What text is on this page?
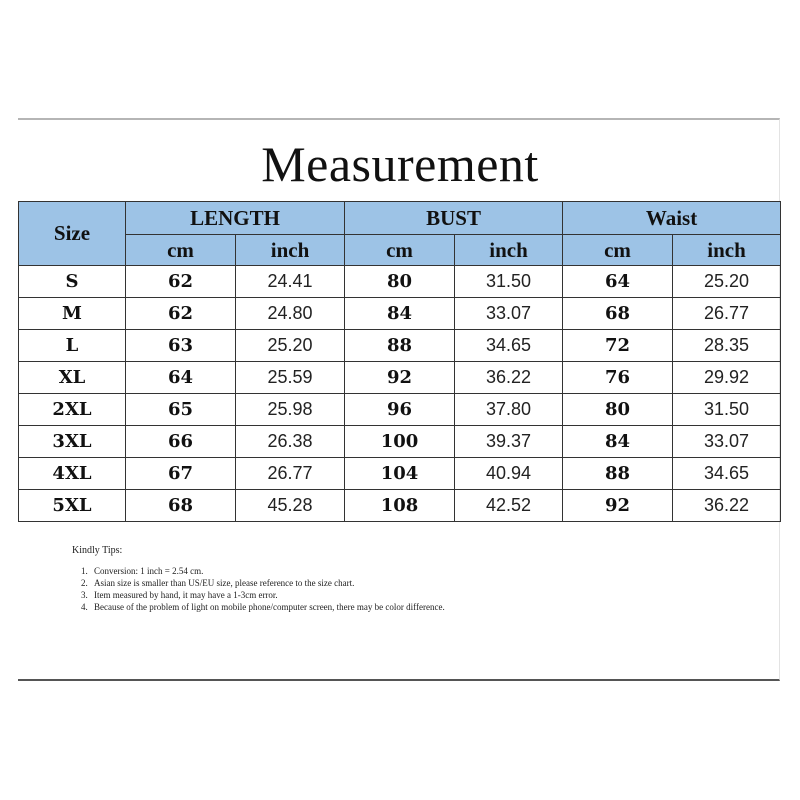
Measurement
Size	LENGTH		BUST		Waist	
	cm	inch	cm	inch	cm	inch
S	62	24.41	80	31.50	64	25.20
M	62	24.80	84	33.07	68	26.77
L	63	25.20	88	34.65	72	28.35
XL	64	25.59	92	36.22	76	29.92
2XL	65	25.98	96	37.80	80	31.50
3XL	66	26.38	100	39.37	84	33.07
4XL	67	26.77	104	40.94	88	34.65
5XL	68	45.28	108	42.52	92	36.22
Kindly Tips:
1. Conversion: 1 inch = 2.54 cm.
2. Asian size is smaller than US/EU size, please reference to the size chart.
3. Item measured by hand, it may have a 1-3cm error.
4. Because of the problem of light on mobile phone/computer screen, there may be color difference.
